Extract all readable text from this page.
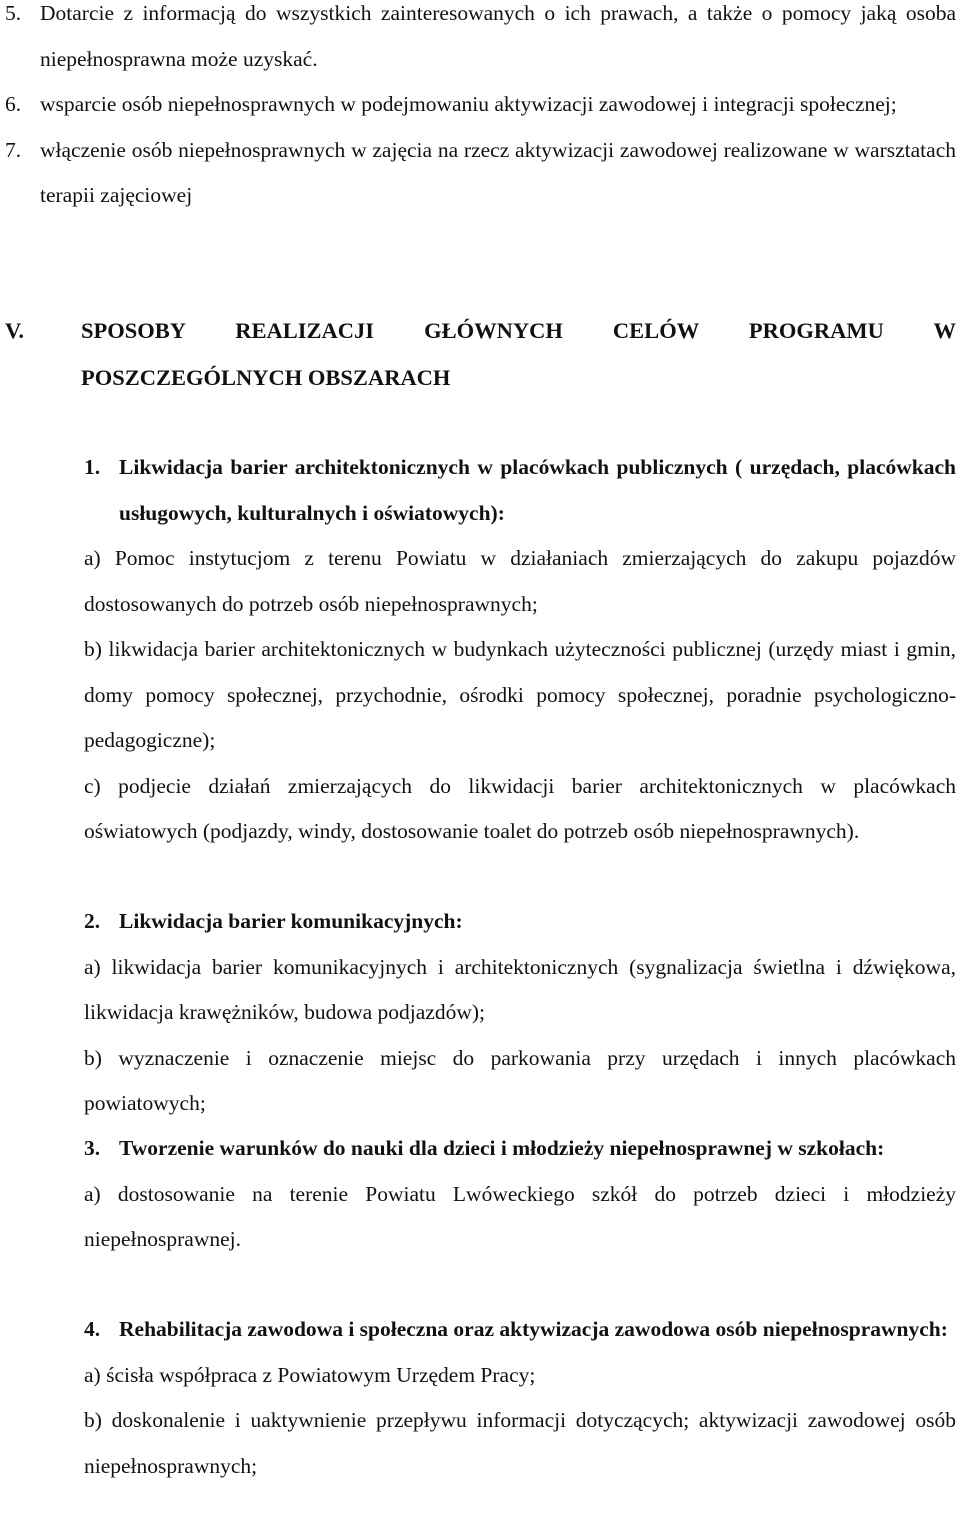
5. Dotarcie z informacją do wszystkich zainteresowanych o ich prawach, a także o pomocy jaką osoba niepełnosprawna może uzyskać.
6. wsparcie osób niepełnosprawnych w podejmowaniu aktywizacji zawodowej i integracji społecznej;
7. włączenie osób niepełnosprawnych w zajęcia na rzecz aktywizacji zawodowej realizowane w warsztatach terapii zajęciowej
V.	SPOSOBY REALIZACJI GŁÓWNYCH CELÓW PROGRAMU W POSZCZEGÓLNYCH OBSZARACH
1. Likwidacja barier architektonicznych w placówkach publicznych ( urzędach, placówkach usługowych, kulturalnych i oświatowych):

a) Pomoc instytucjom z terenu Powiatu w działaniach zmierzających do zakupu pojazdów dostosowanych do potrzeb osób niepełnosprawnych;

b) likwidacja barier architektonicznych w budynkach użyteczności publicznej (urzędy miast i gmin, domy pomocy społecznej, przychodnie, ośrodki pomocy społecznej, poradnie psychologiczno-pedagogiczne);

c) podjecie działań zmierzających do likwidacji barier architektonicznych w placówkach oświatowych (podjazdy, windy, dostosowanie toalet do potrzeb osób niepełnosprawnych).

2. Likwidacja barier komunikacyjnych:

a) likwidacja barier komunikacyjnych i architektonicznych (sygnalizacja świetlna i dźwiękowa, likwidacja krawężników, budowa podjazdów);

b) wyznaczenie i oznaczenie miejsc do parkowania przy urzędach i innych placówkach powiatowych;

3. Tworzenie warunków do nauki dla dzieci i młodzieży niepełnosprawnej w szkołach:

a) dostosowanie na terenie Powiatu Lwóweckiego szkół do potrzeb dzieci i młodzieży niepełnosprawnej.

4. Rehabilitacja zawodowa i społeczna oraz aktywizacja zawodowa osób niepełnosprawnych:

a) ścisła współpraca z Powiatowym Urzędem Pracy;

b) doskonalenie i uaktywnienie przepływu informacji dotyczących; aktywizacji zawodowej osób niepełnosprawnych;
